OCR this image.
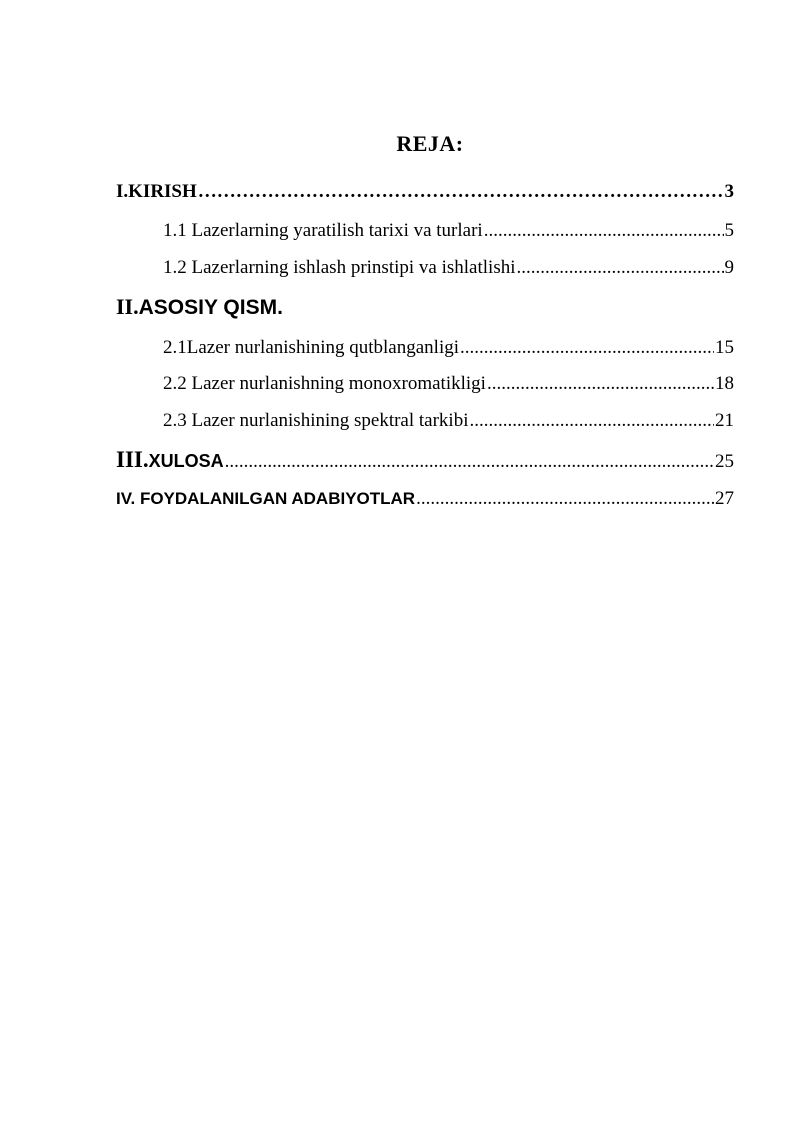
REJA:
I.KIRISH …………………………………………………………………………………………………………………………………………………………………………………………	3
1.1 Lazerlarning yaratilish tarixi va turlari .....	5
1.2 Lazerlarning ishlash prinstipi va ishlatlishi .....	9
II. ASOSIY QISM.
2.1Lazer nurlanishining qutblanganligi .....	15
2.2 Lazer nurlanishning monoxromatikligi .....	18
2.3 Lazer nurlanishining spektral tarkibi .....	21
III. XULOSA .....	25
IV. FOYDALANILGAN ADABIYOTLAR .....	27
